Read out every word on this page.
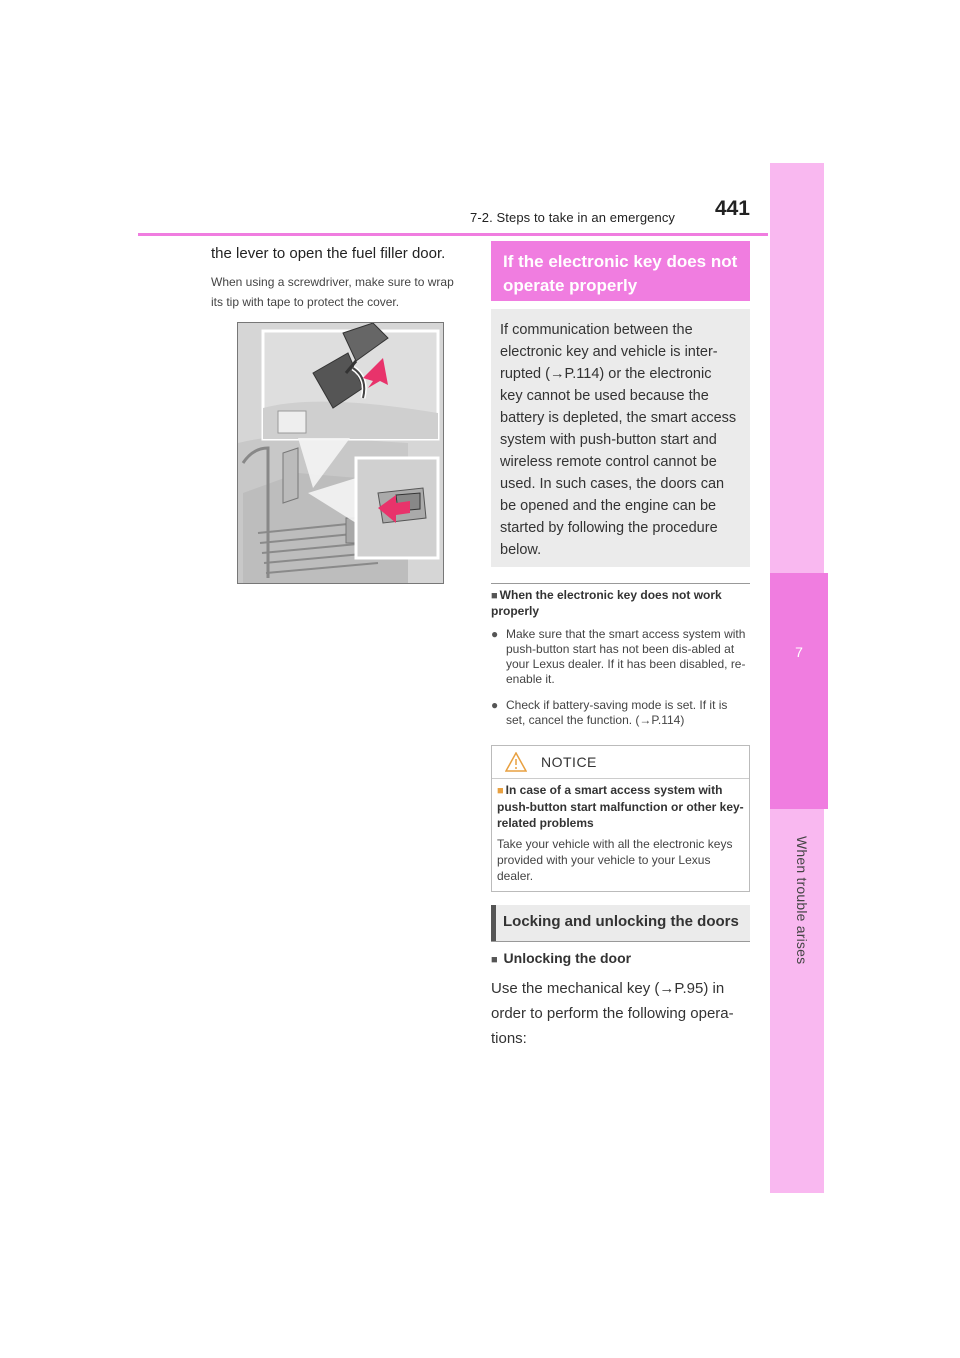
7-2. Steps to take in an emergency	441
7
When trouble arises
the lever to open the fuel filler door.
When using a screwdriver, make sure to wrap its tip with tape to protect the cover.
If the electronic key does not operate properly
If communication between the electronic key and vehicle is inter-rupted (→P.114) or the electronic key cannot be used because the battery is depleted, the smart access system with push-button start and wireless remote control cannot be used. In such cases, the doors can be opened and the engine can be started by following the procedure below.
■ When the electronic key does not work properly
● Make sure that the smart access system with push-button start has not been dis-abled at your Lexus dealer. If it has been disabled, re-enable it.
● Check if battery-saving mode is set. If it is set, cancel the function. (→P.114)
NOTICE
■ In case of a smart access system with push-button start malfunction or other key-related problems
Take your vehicle with all the electronic keys provided with your vehicle to your Lexus dealer.
Locking and unlocking the doors
■ Unlocking the door
Use the mechanical key (→P.95) in order to perform the following opera-tions:
